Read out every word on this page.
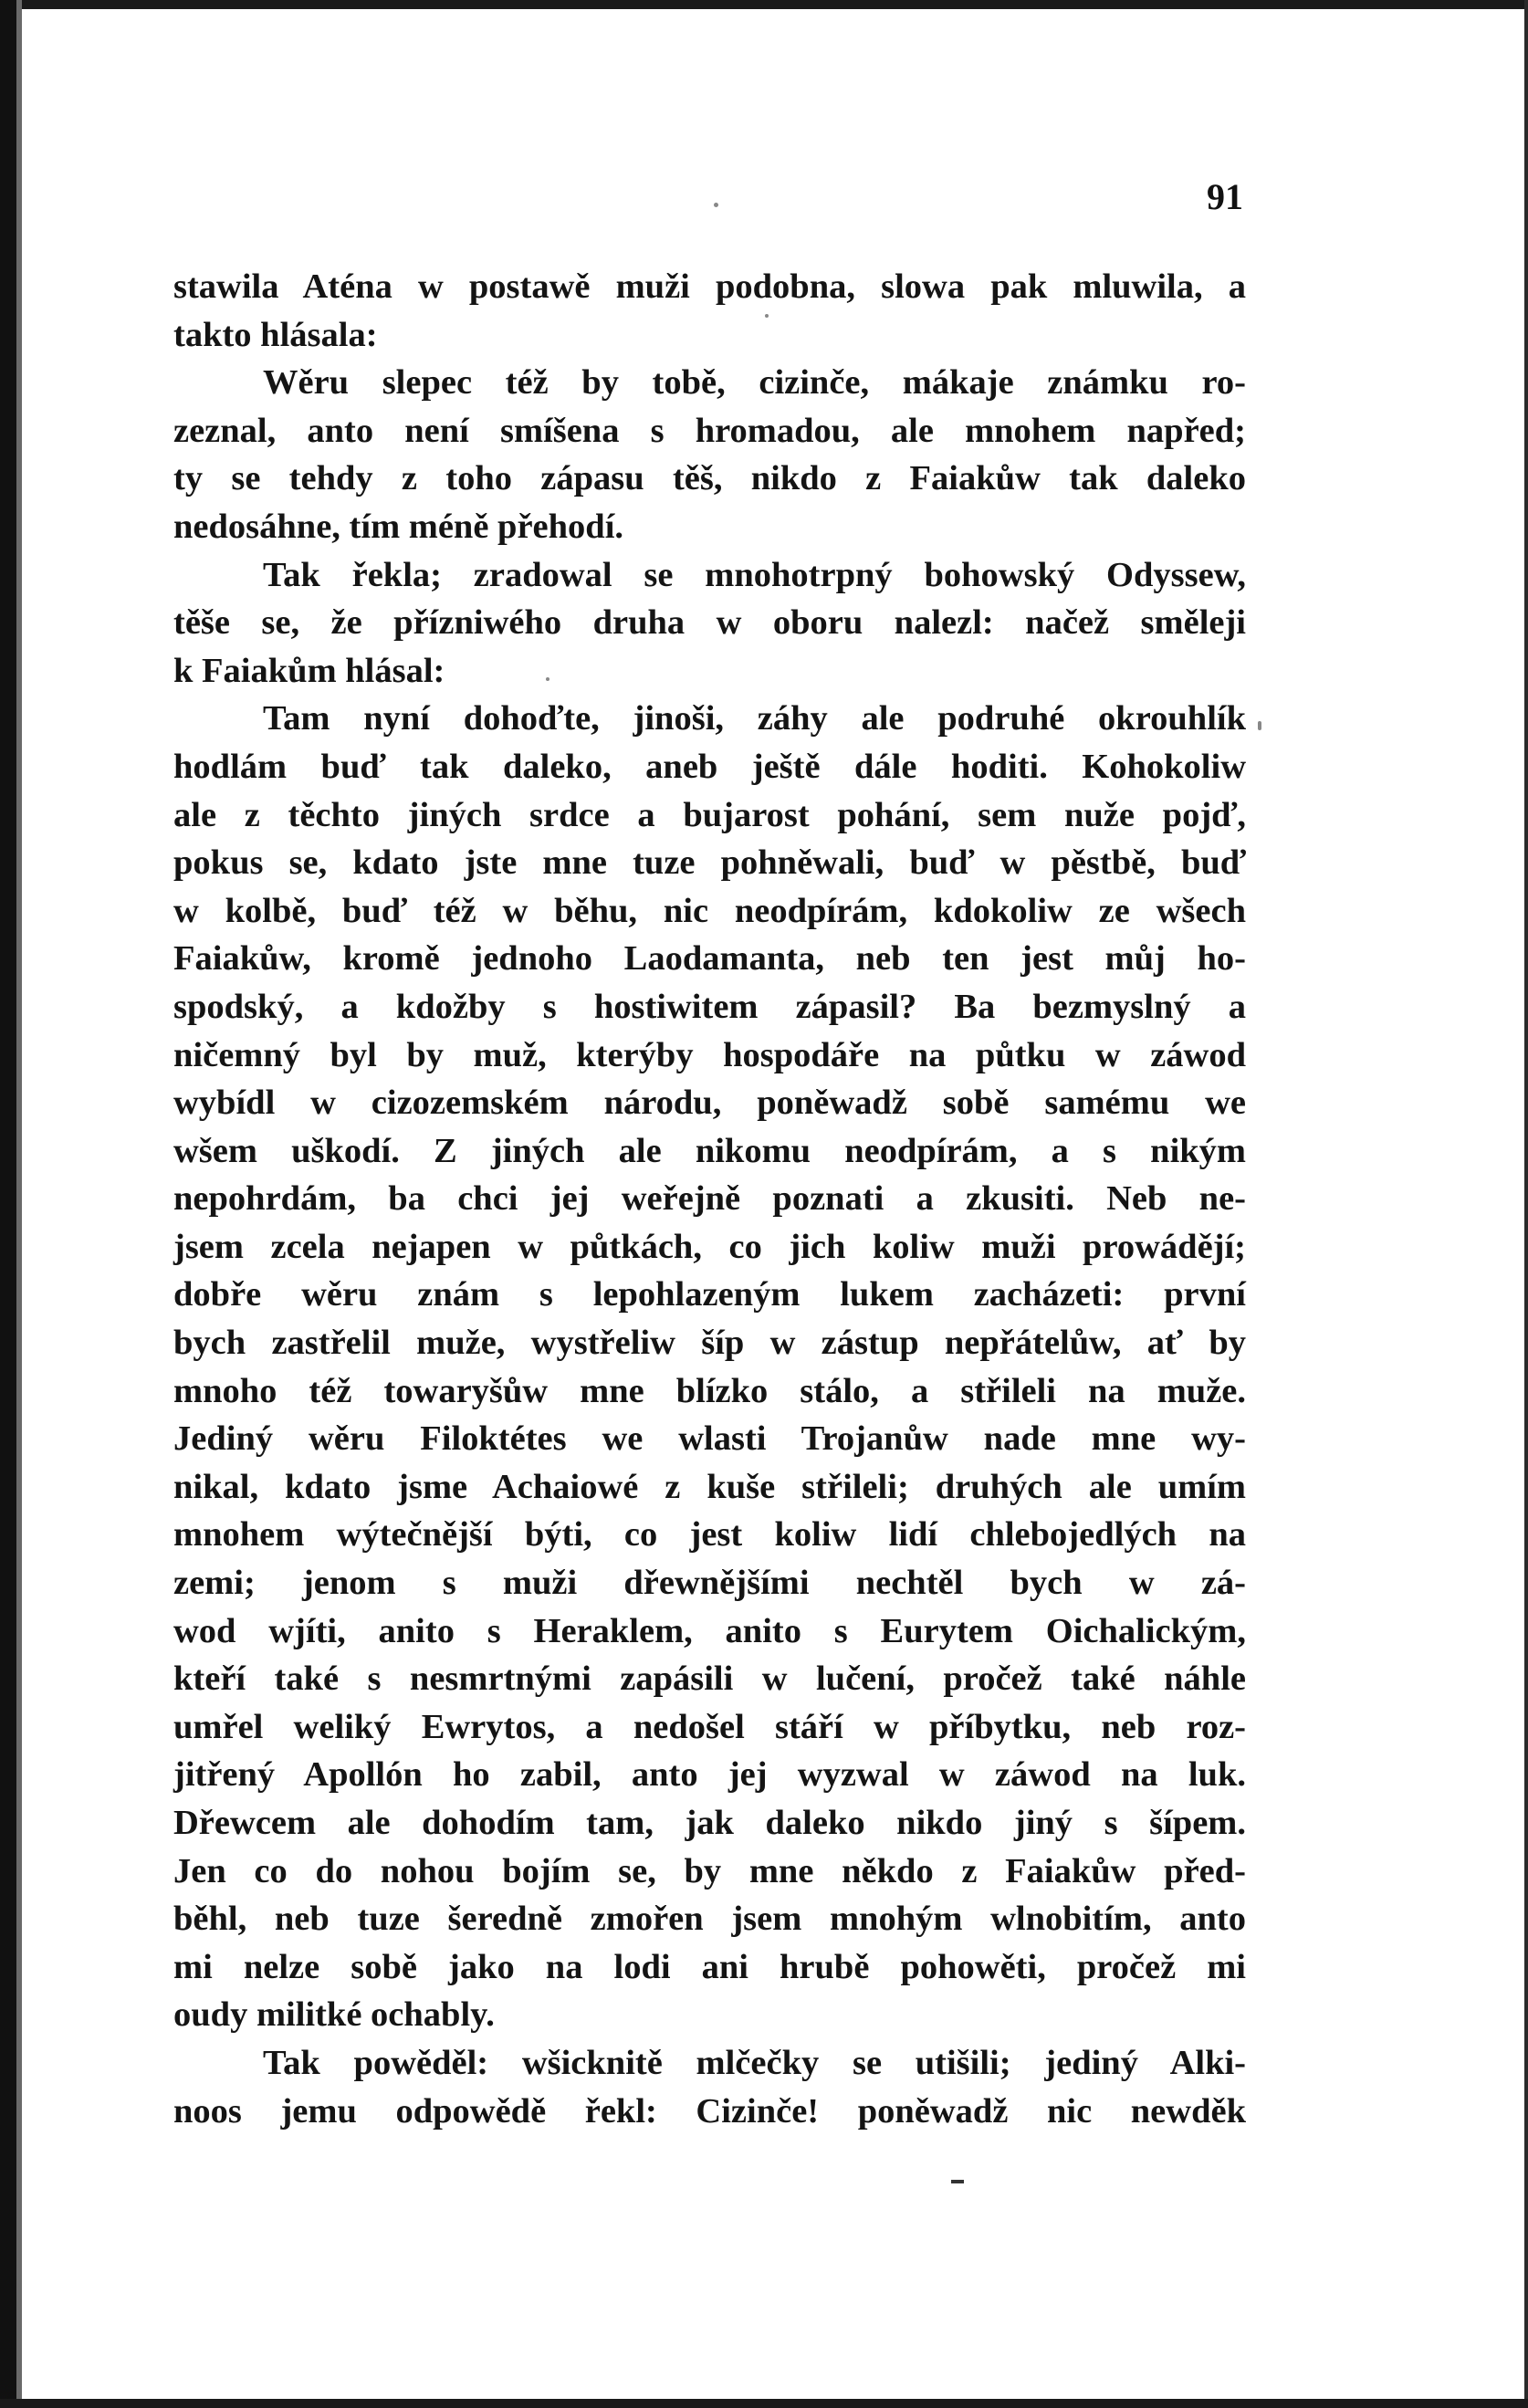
91
stawila Aténa w postawě muži podobna, slowa pak mluwila, a
takto hlásala:
Wěru slepec též by tobě, cizinče, mákaje známku ro-
zeznal, anto není smíšena s hromadou, ale mnohem napřed;
ty se tehdy z toho zápasu těš, nikdo z Faiakůw tak daleko
nedosáhne, tím méně přehodí.
Tak řekla; zradowal se mnohotrpný bohowský Odyssew,
těše se, že přízniwého druha w oboru nalezl: načež směleji
k Faiakům hlásal:
Tam nyní dohoďte, jinoši, záhy ale podruhé okrouhlík
hodlám buď tak daleko, aneb ještě dále hoditi. Kohokoliw
ale z těchto jiných srdce a bujarost pohání, sem nuže pojď,
pokus se, kdato jste mne tuze pohněwali, buď w pěstbě, buď
w kolbě, buď též w běhu, nic neodpírám, kdokoliw ze wšech
Faiakůw, kromě jednoho Laodamanta, neb ten jest můj ho-
spodský, a kdožby s hostiwitem zápasil? Ba bezmyslný a
ničemný byl by muž, kterýby hospodáře na půtku w záwod
wybídl w cizozemském národu, poněwadž sobě samému we
wšem uškodí. Z jiných ale nikomu neodpírám, a s nikým
nepohrdám, ba chci jej weřejně poznati a zkusiti. Neb ne-
jsem zcela nejapen w půtkách, co jich koliw muži prowádějí;
dobře wěru znám s lepohlazeným lukem zacházeti: první
bych zastřelil muže, wystřeliw šíp w zástup nepřátelůw, ať by
mnoho též towaryšůw mne blízko stálo, a střileli na muže.
Jediný wěru Filoktétes we wlasti Trojanůw nade mne wy-
nikal, kdato jsme Achaiowé z kuše střileli; druhých ale umím
mnohem wýtečnější býti, co jest koliw lidí chlebojedlých na
zemi; jenom s muži dřewnějšími nechtěl bych w zá-
wod wjíti, anito s Heraklem, anito s Eurytem Oichalickým,
kteří také s nesmrtnými zapásili w lučení, pročež také náhle
umřel weliký Ewrytos, a nedošel stáří w příbytku, neb roz-
jitřený Apollón ho zabil, anto jej wyzwal w záwod na luk.
Dřewcem ale dohodím tam, jak daleko nikdo jiný s šípem.
Jen co do nohou bojím se, by mne někdo z Faiakůw před-
běhl, neb tuze šeredně zmořen jsem mnohým wlnobitím, anto
mi nelze sobě jako na lodi ani hrubě pohowěti, pročež mi
oudy militké ochably.
Tak powěděl: wšicknitě mlčečky se utišili; jediný Alki-
noos jemu odpowědě řekl: Cizinče! poněwadž nic newděk
